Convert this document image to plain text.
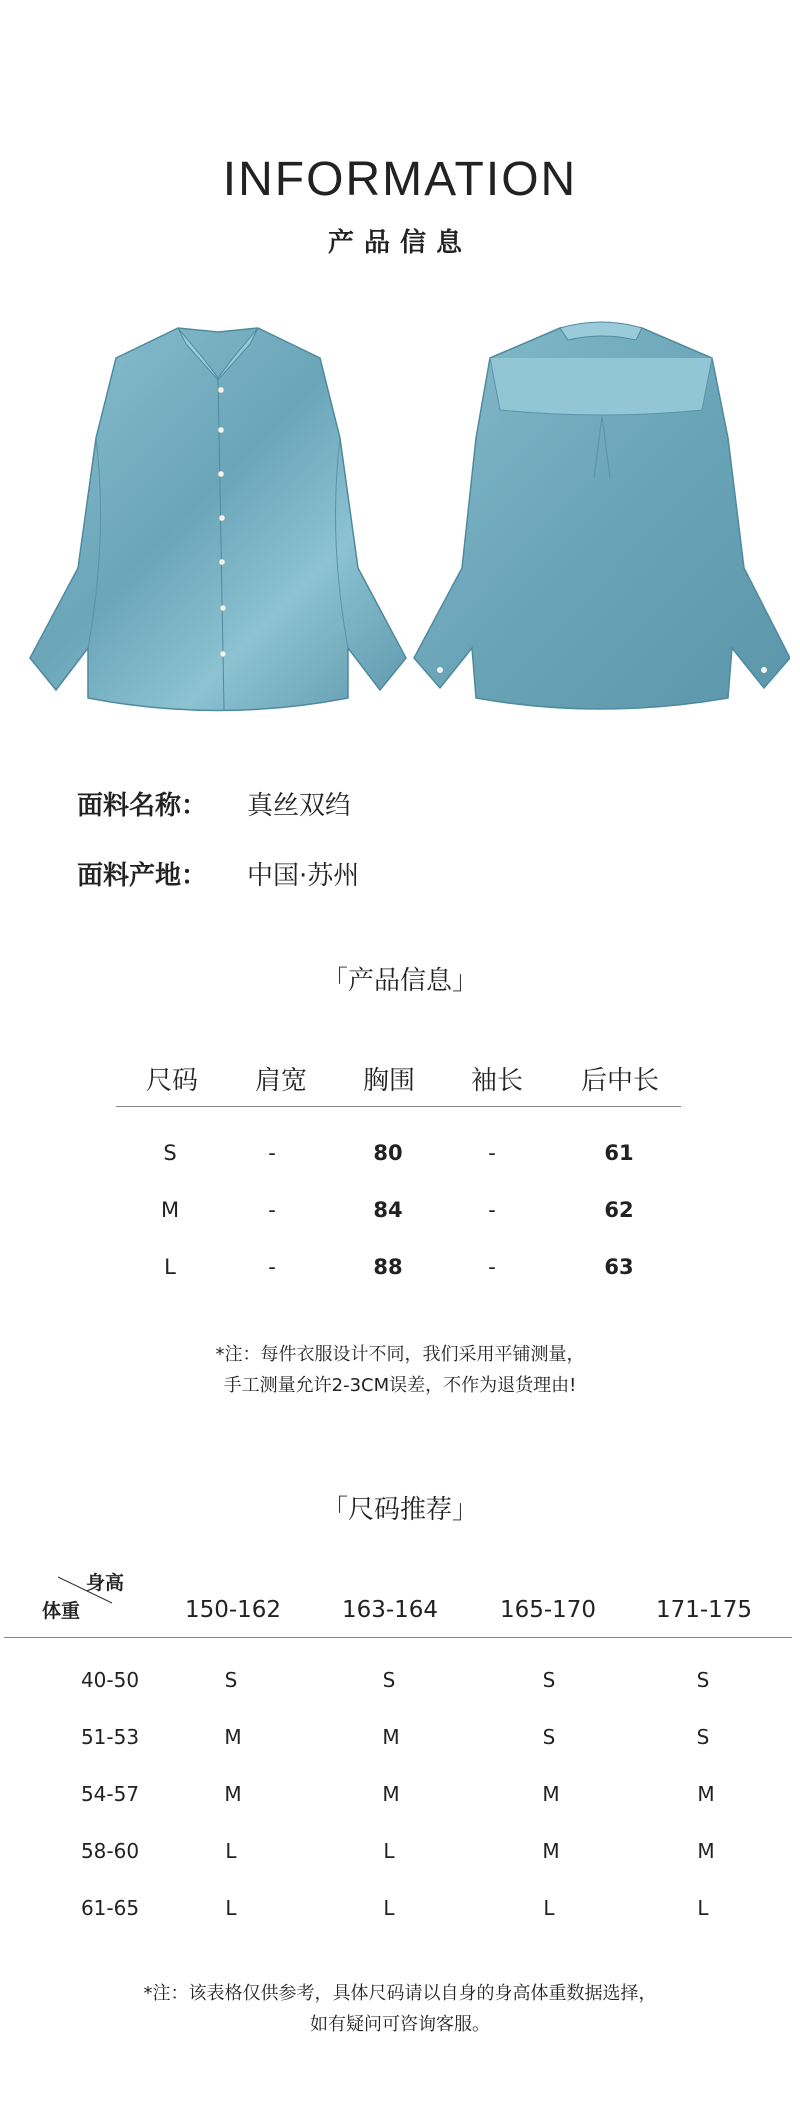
INFORMATION
产品信息
面料名称： 真丝双绉
面料产地： 中国·苏州
「产品信息」
尺码 肩宽 胸围 袖长 后中长
S	-	80	-	61
M	-	84	-	62
L	-	88	-	63
*注：每件衣服设计不同，我们采用平铺测量，
手工测量允许2-3CM误差，不作为退货理由!
「尺码推荐」
身高
体重	150-162	163-164	165-170	171-175
40-50	S	S	S	S
51-53	M	M	S	S
54-57	M	M	M	M
58-60	L	L	M	M
61-65	L	L	L	L
*注：该表格仅供参考，具体尺码请以自身的身高体重数据选择，
如有疑问可咨询客服。
